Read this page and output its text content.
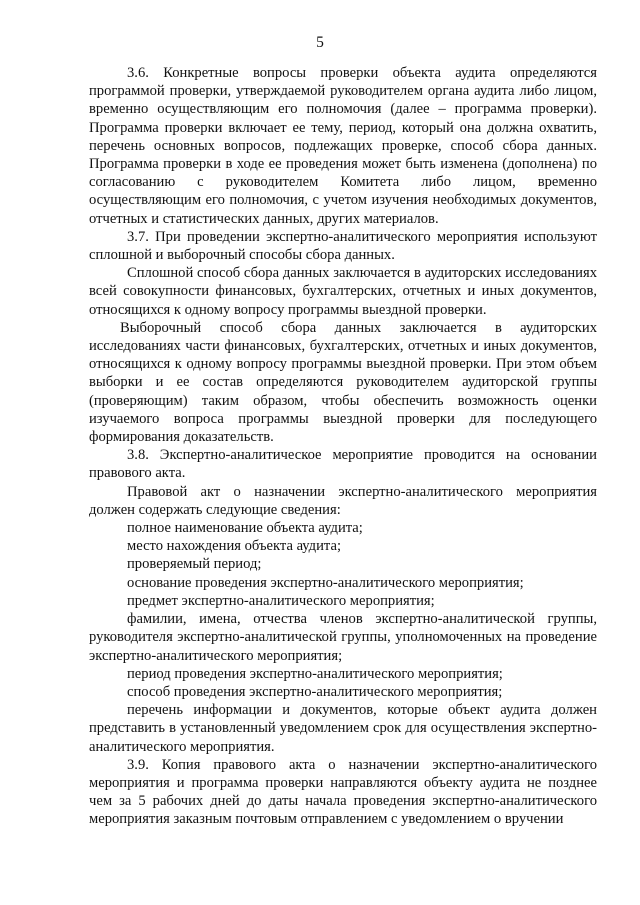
5

3.6. Конкретные вопросы проверки объекта аудита определяются программой проверки, утверждаемой руководителем органа аудита либо лицом, временно осуществляющим его полномочия (далее – программа проверки). Программа проверки включает ее тему, период, который она должна охватить, перечень основных вопросов, подлежащих проверке, способ сбора данных. Программа проверки в ходе ее проведения может быть изменена (дополнена) по согласованию с руководителем Комитета либо лицом, временно осуществляющим его полномочия, с учетом изучения необходимых документов, отчетных и статистических данных, других материалов.

3.7. При проведении экспертно-аналитического мероприятия используют сплошной и выборочный способы сбора данных.

Сплошной способ сбора данных заключается в аудиторских исследованиях всей совокупности финансовых, бухгалтерских, отчетных и иных документов, относящихся к одному вопросу программы выездной проверки.

Выборочный способ сбора данных заключается в аудиторских исследованиях части финансовых, бухгалтерских, отчетных и иных документов, относящихся к одному вопросу программы выездной проверки. При этом объем выборки и ее состав определяются руководителем аудиторской группы (проверяющим) таким образом, чтобы обеспечить возможность оценки изучаемого вопроса программы выездной проверки для последующего формирования доказательств.

3.8. Экспертно-аналитическое мероприятие проводится на основании правового акта.

Правовой акт о назначении экспертно-аналитического мероприятия должен содержать следующие сведения:

полное наименование объекта аудита;

место нахождения объекта аудита;

проверяемый период;

основание проведения экспертно-аналитического мероприятия;

предмет экспертно-аналитического мероприятия;

фамилии, имена, отчества членов экспертно-аналитической группы, руководителя экспертно-аналитической группы, уполномоченных на проведение экспертно-аналитического мероприятия;

период проведения экспертно-аналитического мероприятия;

способ проведения экспертно-аналитического мероприятия;

перечень информации и документов, которые объект аудита должен представить в установленный уведомлением срок для осуществления экспертно-аналитического мероприятия.

3.9. Копия правового акта о назначении экспертно-аналитического мероприятия и программа проверки направляются объекту аудита не позднее чем за 5 рабочих дней до даты начала проведения экспертно-аналитического мероприятия заказным почтовым отправлением с уведомлением о вручении
